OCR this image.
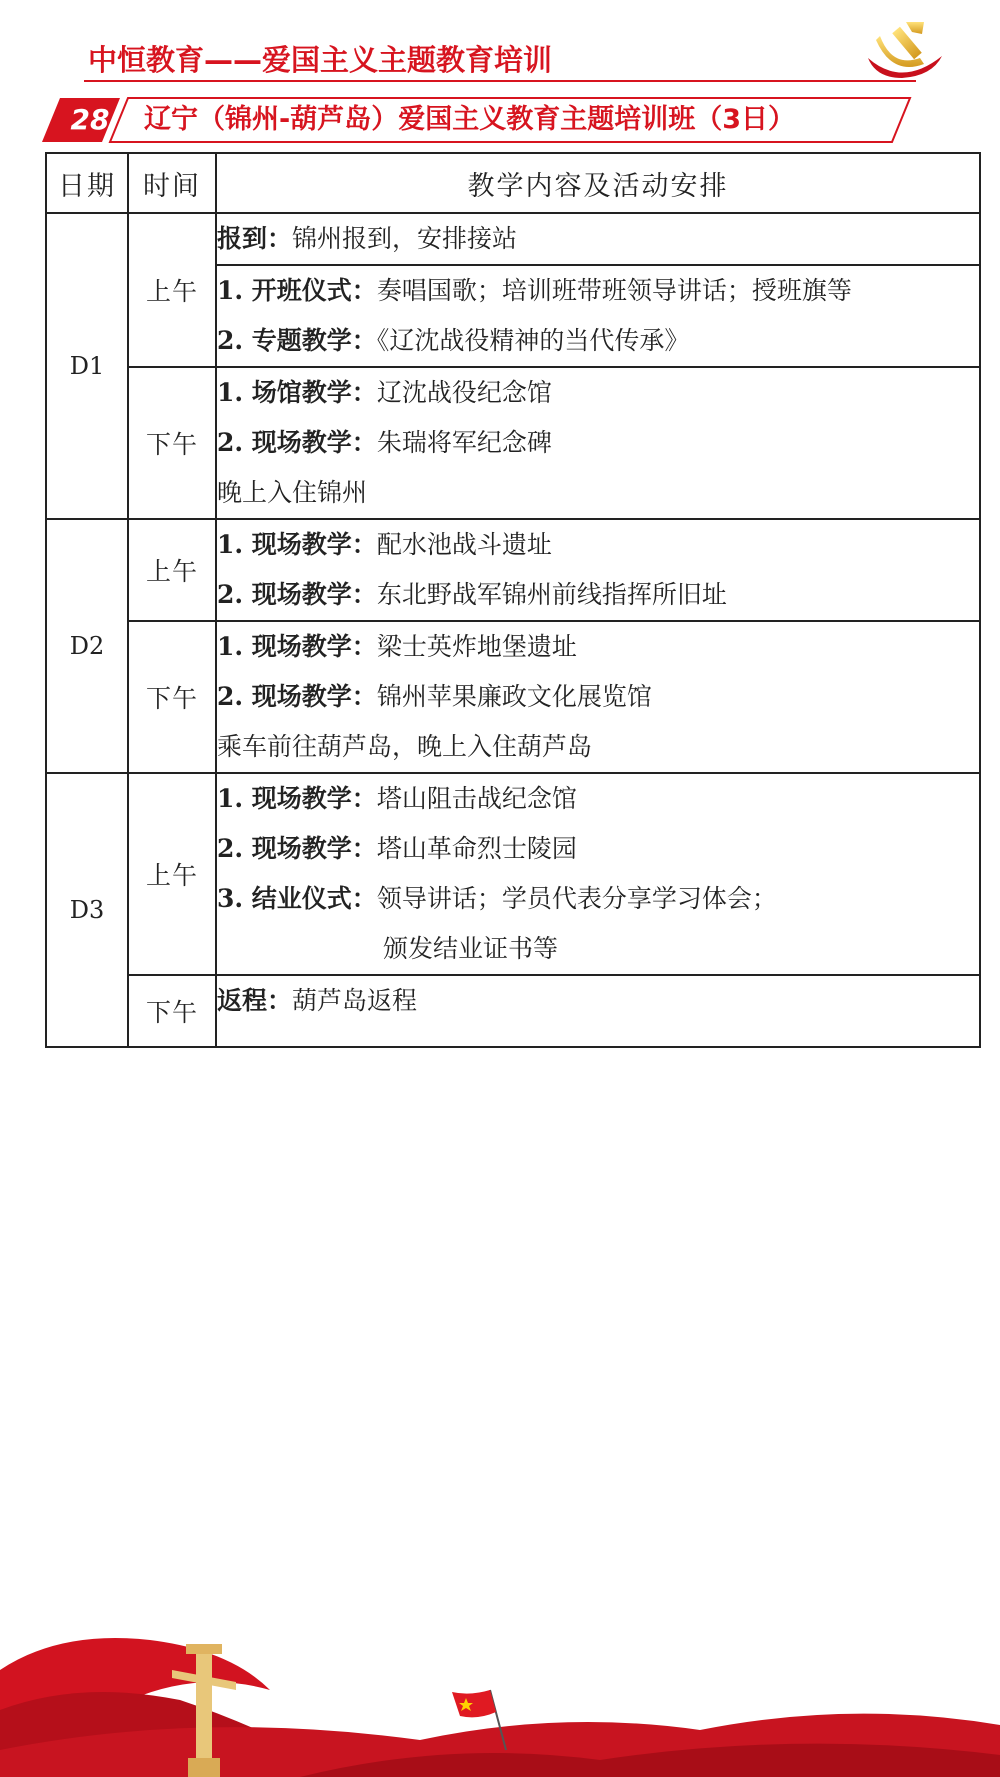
中恒教育——爱国主义主题教育培训
28	辽宁（锦州-葫芦岛）爱国主义教育主题培训班（3日）
日期	时间	教学内容及活动安排
D1	上午	报到：锦州报到，安排接站

		1. 开班仪式：奏唱国歌；培训班带班领导讲话；授班旗等
2. 专题教学：《辽沈战役精神的当代传承》

	下午	1. 场馆教学：辽沈战役纪念馆
2. 现场教学：朱瑞将军纪念碑
晚上入住锦州

D2	上午	1. 现场教学：配水池战斗遗址
2. 现场教学：东北野战军锦州前线指挥所旧址

	下午	1. 现场教学：梁士英炸地堡遗址
2. 现场教学：锦州苹果廉政文化展览馆
乘车前往葫芦岛，晚上入住葫芦岛

D3	上午	1. 现场教学：塔山阻击战纪念馆
2. 现场教学：塔山革命烈士陵园
3. 结业仪式：领导讲话；学员代表分享学习体会；
颁发结业证书等

	下午	返程：葫芦岛返程
